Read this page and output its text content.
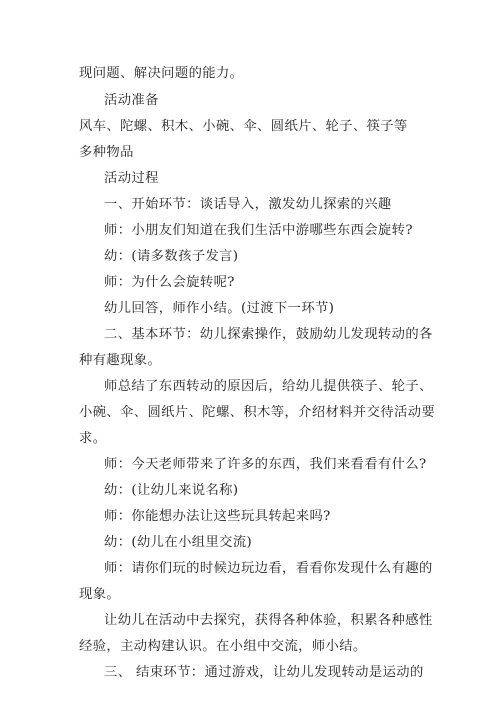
现问题、解决问题的能力。
活动准备
风车、陀螺、积木、小碗、伞、圆纸片、轮子、筷子等
多种物品
活动过程
一、开始环节：谈话导入，激发幼儿探索的兴趣
师：小朋友们知道在我们生活中游哪些东西会旋转?
幼：(请多数孩子发言)
师：为什么会旋转呢?
幼儿回答，师作小结。(过渡下一环节)
二、基本环节：幼儿探索操作，鼓励幼儿发现转动的各
种有趣现象。
师总结了东西转动的原因后，给幼儿提供筷子、轮子、
小碗、伞、圆纸片、陀螺、积木等，介绍材料并交待活动要
求。
师：今天老师带来了许多的东西，我们来看看有什么?
幼：(让幼儿来说名称)
师：你能想办法让这些玩具转起来吗?
幼：(幼儿在小组里交流)
师：请你们玩的时候边玩边看，看看你发现什么有趣的
现象。
让幼儿在活动中去探究，获得各种体验，积累各种感性
经验，主动构建认识。在小组中交流，师小结。
三、 结束环节：通过游戏，让幼儿发现转动是运动的
